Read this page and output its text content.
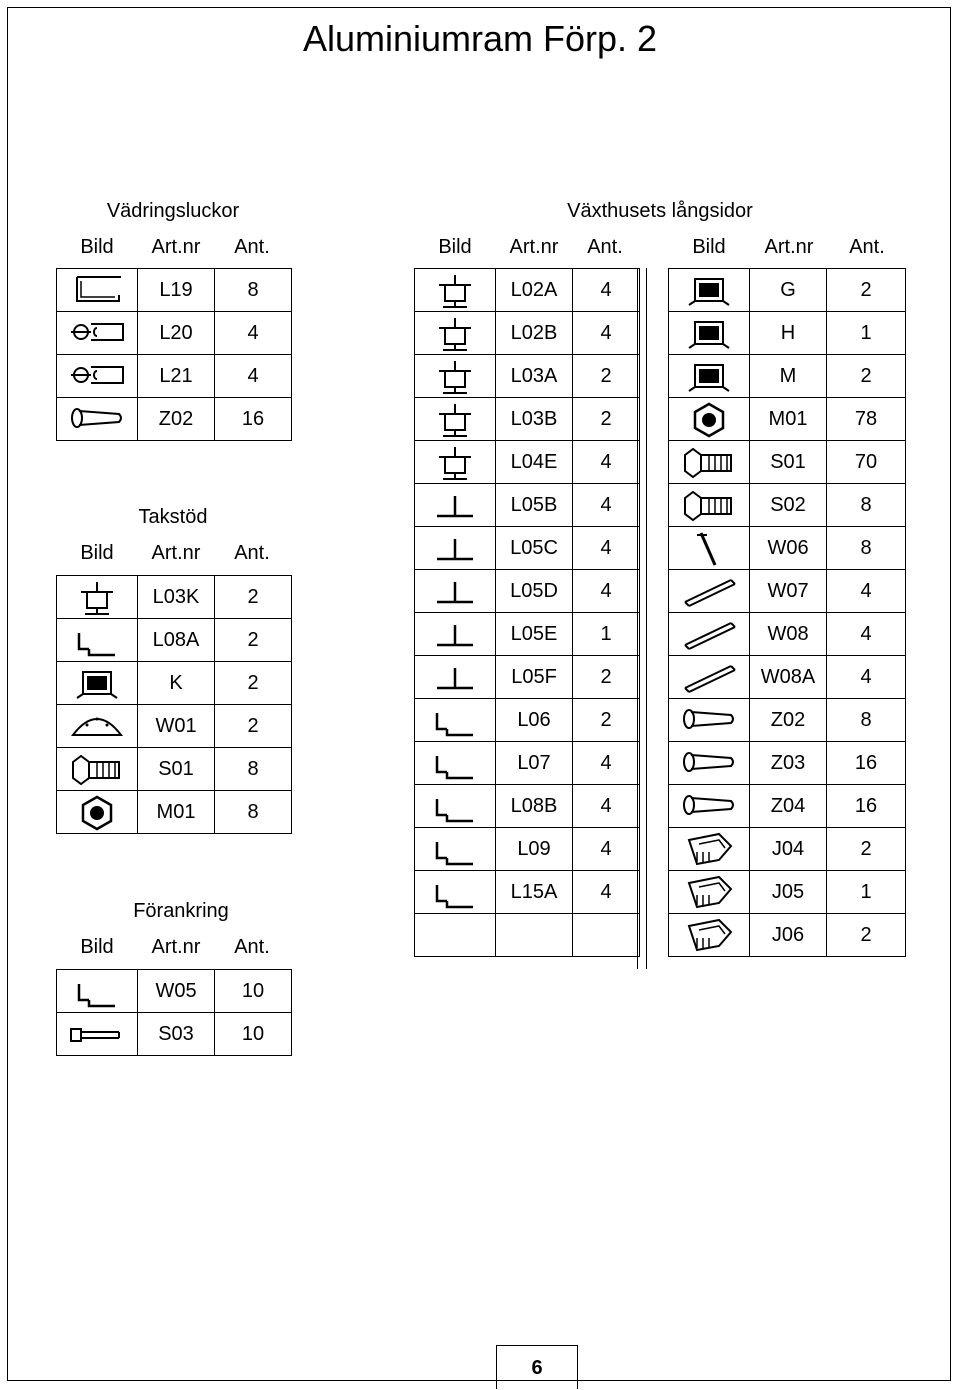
Aluminiumram Förp. 2
Vädringsluckor
Bild	Art.nr	Ant.
	L19	8

	L20	4

	L21	4

	Z02	16
Takstöd
Bild	Art.nr	Ant.
	L03K	2

	L08A	2

	K	2

	W01	2

	S01	8

	M01	8
Förankring
Bild	Art.nr	Ant.
	W05	10

	S03	10
Växthusets långsidor
Bild	Art.nr	Ant.	Bild	Art.nr	Ant.
	L02A	4

	L02B	4

	L03A	2

	L03B	2

	L04E	4

	L05B	4

	L05C	4

	L05D	4

	L05E	1

	L05F	2

	L06	2

	L07	4

	L08B	4

	L09	4

	L15A	4

	G	2

	H	1

	M	2

	M01	78

	S01	70

	S02	8

	W06	8

	W07	4

	W08	4

	W08A	4

	Z02	8

	Z03	16

	Z04	16

	J04	2

	J05	1

	J06	2
6
